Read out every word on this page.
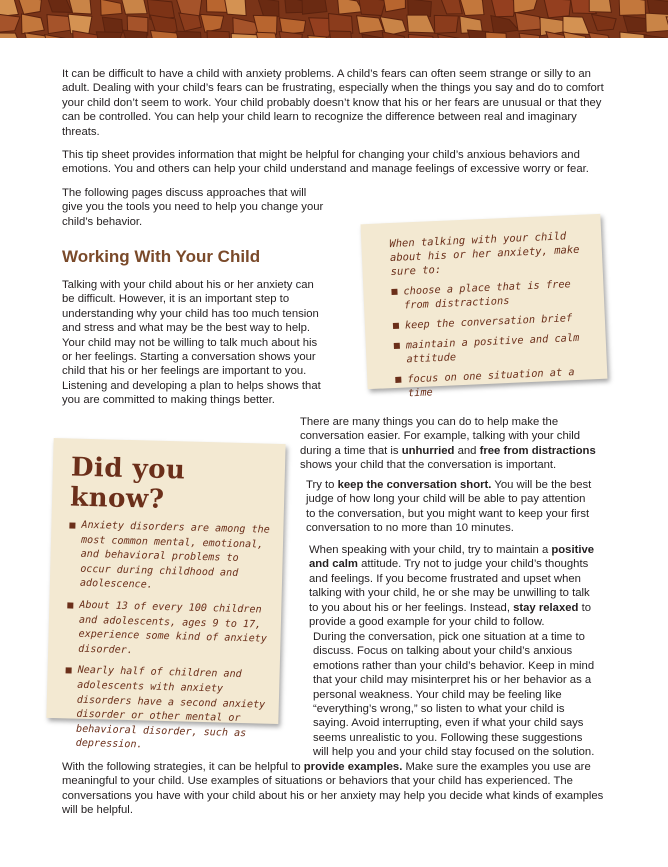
It can be difficult to have a child with anxiety problems. A child’s fears can often seem strange or silly to an adult. Dealing with your child’s fears can be frustrating, especially when the things you say and do to comfort your child don’t seem to work. Your child probably doesn’t know that his or her fears are unusual or that they can be controlled. You can help your child learn to recognize the difference between real and imaginary threats.

This tip sheet provides information that might be helpful for changing your child’s anxious behaviors and emotions. You and others can help your child understand and manage feelings of excessive worry or fear.

The following pages discuss approaches that will give you the tools you need to help you change your child’s behavior.

Working With Your Child

Talking with your child about his or her anxiety can be difficult. However, it is an important step to understanding why your child has too much tension and stress and what may be the best way to help. Your child may not be willing to talk much about his or her feelings. Starting a conversation shows your child that his or her feelings are important to you. Listening and developing a plan to helps shows that you are committed to making things better.

When talking with your child about his or her anxiety, make sure to:
choose a place that is free from distractions
keep the conversation brief
maintain a positive and calm attitude
focus on one situation at a time
Did you know?
Anxiety disorders are among the most common mental, emotional, and behavioral problems to occur during childhood and adolescence.
About 13 of every 100 children and adolescents, ages 9 to 17, experience some kind of anxiety disorder.
Nearly half of children and adolescents with anxiety disorders have a second anxiety disorder or other mental or behavioral disorder, such as depression.

There are many things you can do to help make the conversation easier. For example, talking with your child during a time that is unhurried and free from distractions shows your child that the conversation is important.

Try to keep the conversation short. You will be the best judge of how long your child will be able to pay attention to the conversation, but you might want to keep your first conversation to no more than 10 minutes.

When speaking with your child, try to maintain a positive and calm attitude. Try not to judge your child’s thoughts and feelings. If you become frustrated and upset when talking with your child, he or she may be unwilling to talk to you about his or her feelings. Instead, stay relaxed to provide a good example for your child to follow.

During the conversation, pick one situation at a time to discuss. Focus on talking about your child’s anxious emotions rather than your child’s behavior. Keep in mind that your child may misinterpret his or her behavior as a personal weakness. Your child may be feeling like “everything’s wrong,” so listen to what your child is saying. Avoid interrupting, even if what your child says seems unrealistic to you. Following these suggestions will help you and your child stay focused on the solution.

With the following strategies, it can be helpful to provide examples. Make sure the examples you use are meaningful to your child. Use examples of situations or behaviors that your child has experienced. The conversations you have with your child about his or her anxiety may help you decide what kinds of examples will be helpful.
